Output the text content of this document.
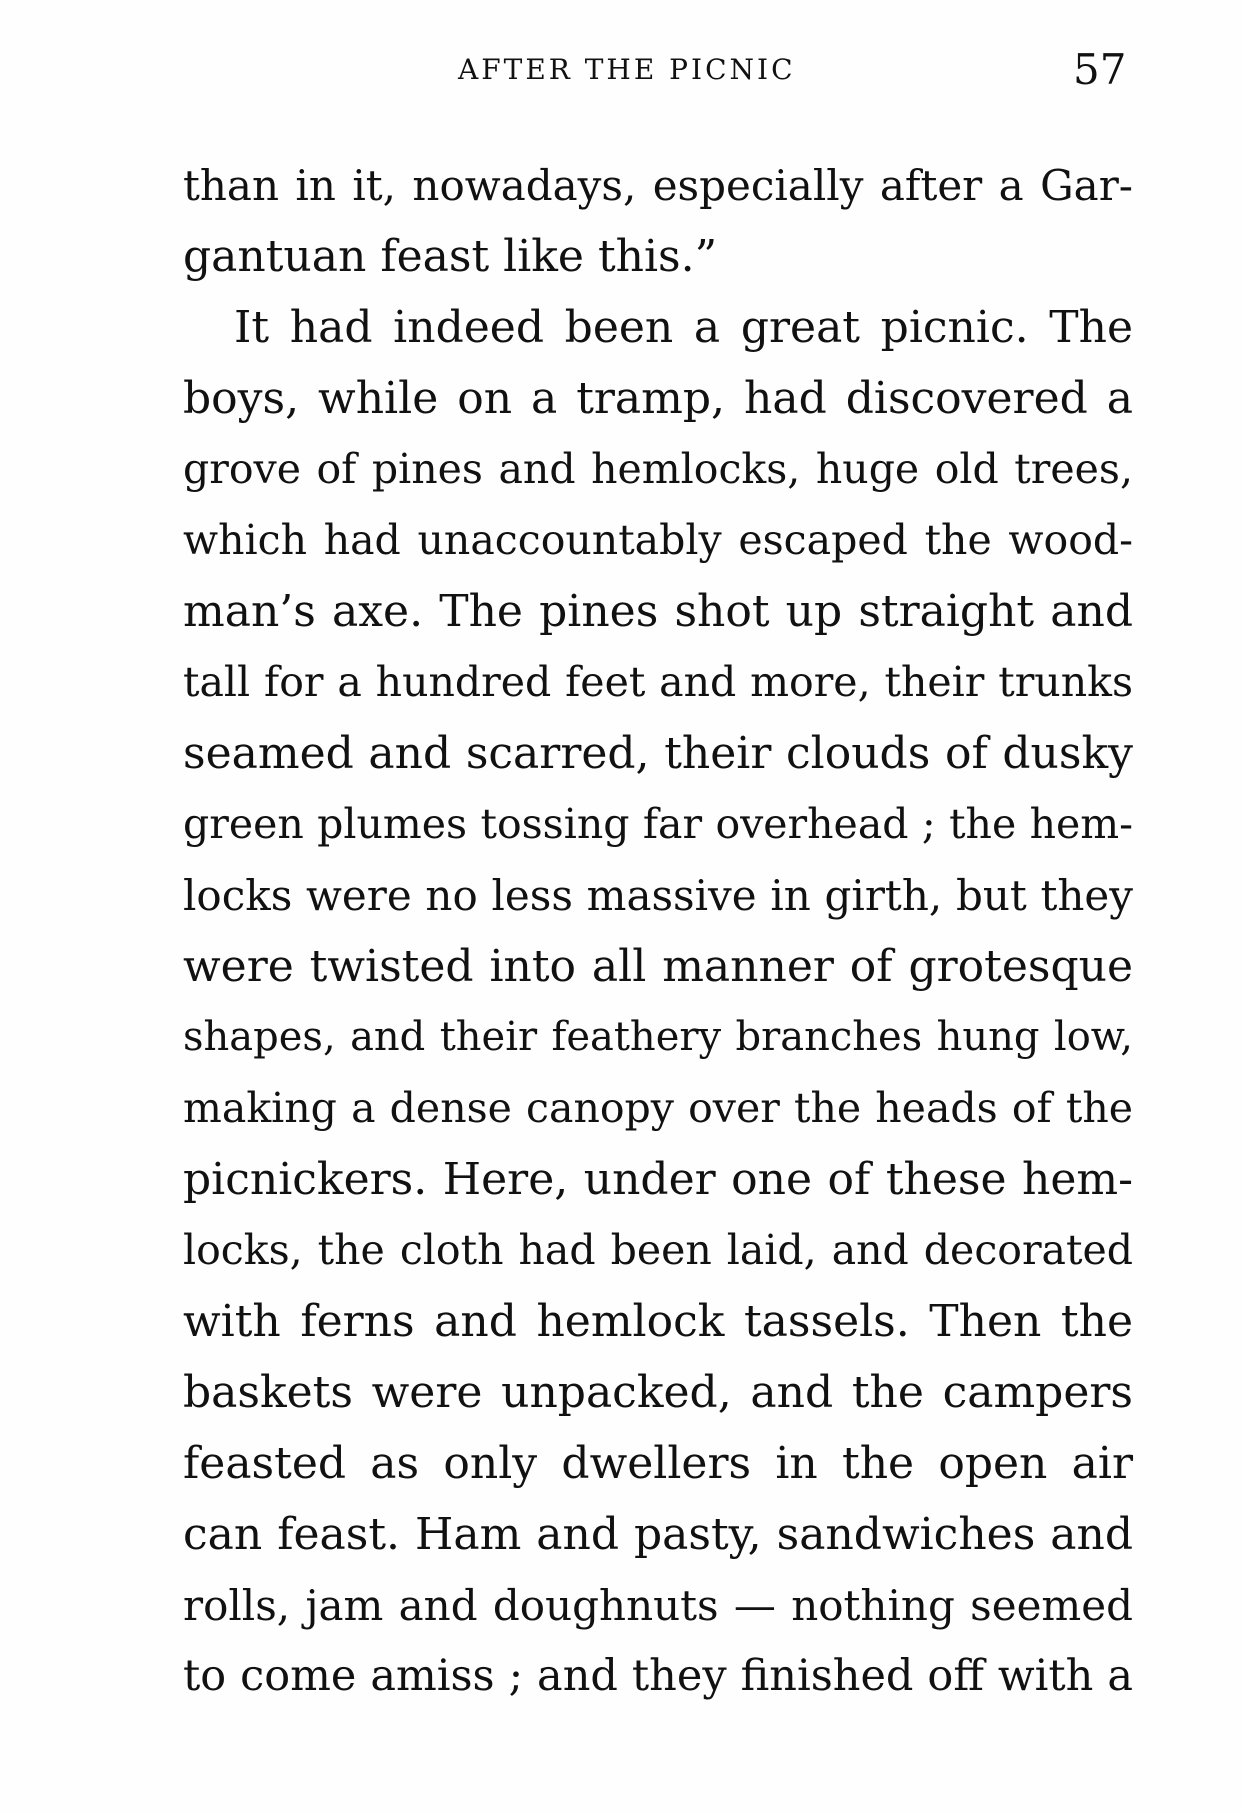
AFTER THE PICNIC	57
than in it, nowadays, especially after a Gar-
gantuan feast like this.”
It had indeed been a great picnic. The
boys, while on a tramp, had discovered a
grove of pines and hemlocks, huge old trees,
which had unaccountably escaped the wood-
man’s axe. The pines shot up straight and
tall for a hundred feet and more, their trunks
seamed and scarred, their clouds of dusky
green plumes tossing far overhead ; the hem-
locks were no less massive in girth, but they
were twisted into all manner of grotesque
shapes, and their feathery branches hung low,
making a dense canopy over the heads of the
picnickers. Here, under one of these hem-
locks, the cloth had been laid, and decorated
with ferns and hemlock tassels. Then the
baskets were unpacked, and the campers
feasted as only dwellers in the open air
can feast. Ham and pasty, sandwiches and
rolls, jam and doughnuts — nothing seemed
to come amiss ; and they finished off with a
